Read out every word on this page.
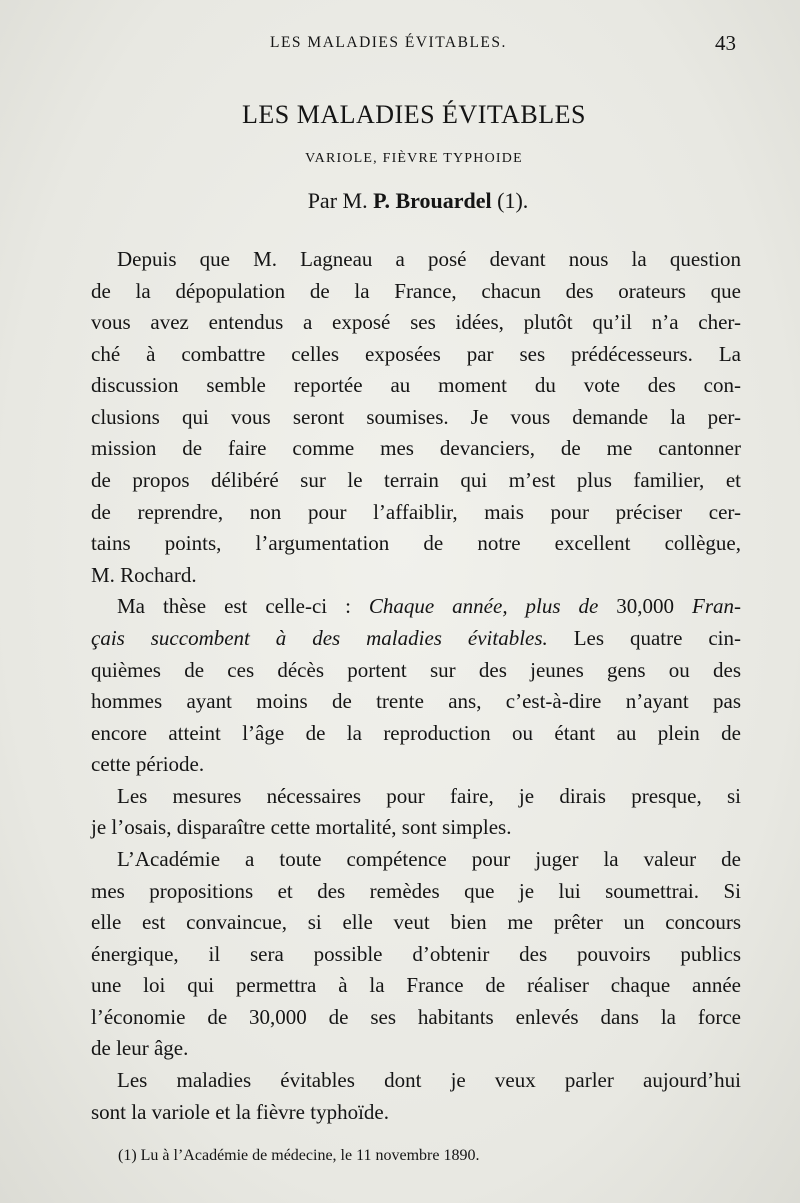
LES MALADIES ÉVITABLES.	43
LES MALADIES ÉVITABLES
VARIOLE, FIÈVRE TYPHOIDE
Par M. P. Brouardel (1).
Depuis que M. Lagneau a posé devant nous la question
de la dépopulation de la France, chacun des orateurs que
vous avez entendus a exposé ses idées, plutôt qu’il n’a cher-
ché à combattre celles exposées par ses prédécesseurs. La
discussion semble reportée au moment du vote des con-
clusions qui vous seront soumises. Je vous demande la per-
mission de faire comme mes devanciers, de me cantonner
de propos délibéré sur le terrain qui m’est plus familier, et
de reprendre, non pour l’affaiblir, mais pour préciser cer-
tains points, l’argumentation de notre excellent collègue,
M. Rochard.
Ma thèse est celle-ci : Chaque année, plus de 30,000 Fran-
çais succombent à des maladies évitables. Les quatre cin-
quièmes de ces décès portent sur des jeunes gens ou des
hommes ayant moins de trente ans, c’est-à-dire n’ayant pas
encore atteint l’âge de la reproduction ou étant au plein de
cette période.
Les mesures nécessaires pour faire, je dirais presque, si
je l’osais, disparaître cette mortalité, sont simples.
L’Académie a toute compétence pour juger la valeur de
mes propositions et des remèdes que je lui soumettrai. Si
elle est convaincue, si elle veut bien me prêter un concours
énergique, il sera possible d’obtenir des pouvoirs publics
une loi qui permettra à la France de réaliser chaque année
l’économie de 30,000 de ses habitants enlevés dans la force
de leur âge.
Les maladies évitables dont je veux parler aujourd’hui
sont la variole et la fièvre typhoïde.
(1) Lu à l’Académie de médecine, le 11 novembre 1890.
